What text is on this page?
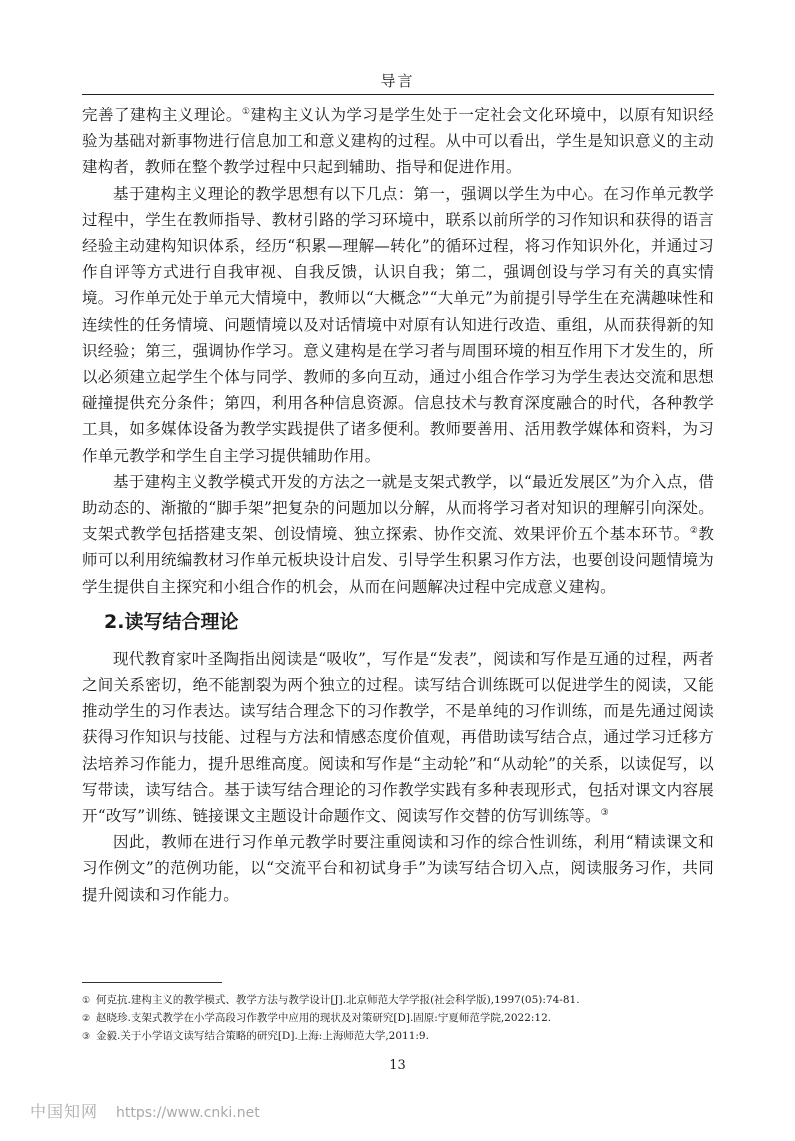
导言

完善了建构主义理论。①建构主义认为学习是学生处于一定社会文化环境中，以原有知识经验为基础对新事物进行信息加工和意义建构的过程。从中可以看出，学生是知识意义的主动建构者，教师在整个教学过程中只起到辅助、指导和促进作用。

基于建构主义理论的教学思想有以下几点：第一，强调以学生为中心。在习作单元教学过程中，学生在教师指导、教材引路的学习环境中，联系以前所学的习作知识和获得的语言经验主动建构知识体系，经历“积累—理解—转化”的循环过程，将习作知识外化，并通过习作自评等方式进行自我审视、自我反馈，认识自我；第二，强调创设与学习有关的真实情境。习作单元处于单元大情境中，教师以“大概念”“大单元”为前提引导学生在充满趣味性和连续性的任务情境、问题情境以及对话情境中对原有认知进行改造、重组，从而获得新的知识经验；第三，强调协作学习。意义建构是在学习者与周围环境的相互作用下才发生的，所以必须建立起学生个体与同学、教师的多向互动，通过小组合作学习为学生表达交流和思想碰撞提供充分条件；第四，利用各种信息资源。信息技术与教育深度融合的时代，各种教学工具，如多媒体设备为教学实践提供了诸多便利。教师要善用、活用教学媒体和资料，为习作单元教学和学生自主学习提供辅助作用。

基于建构主义教学模式开发的方法之一就是支架式教学，以“最近发展区”为介入点，借助动态的、渐撤的“脚手架”把复杂的问题加以分解，从而将学习者对知识的理解引向深处。支架式教学包括搭建支架、创设情境、独立探索、协作交流、效果评价五个基本环节。②教师可以利用统编教材习作单元板块设计启发、引导学生积累习作方法，也要创设问题情境为学生提供自主探究和小组合作的机会，从而在问题解决过程中完成意义建构。

2.读写结合理论

现代教育家叶圣陶指出阅读是“吸收”，写作是“发表”，阅读和写作是互通的过程，两者之间关系密切，绝不能割裂为两个独立的过程。读写结合训练既可以促进学生的阅读，又能推动学生的习作表达。读写结合理念下的习作教学，不是单纯的习作训练，而是先通过阅读获得习作知识与技能、过程与方法和情感态度价值观，再借助读写结合点，通过学习迁移方法培养习作能力，提升思维高度。阅读和写作是“主动轮”和“从动轮”的关系，以读促写，以写带读，读写结合。基于读写结合理论的习作教学实践有多种表现形式，包括对课文内容展开“改写”训练、链接课文主题设计命题作文、阅读写作交替的仿写训练等。③

因此，教师在进行习作单元教学时要注重阅读和习作的综合性训练，利用“精读课文和习作例文”的范例功能，以“交流平台和初试身手”为读写结合切入点，阅读服务习作，共同提升阅读和习作能力。

① 何克抗.建构主义的教学模式、教学方法与教学设计[J].北京师范大学学报(社会科学版),1997(05):74-81.

② 赵晓珍.支架式教学在小学高段习作教学中应用的现状及对策研究[D].固原:宁夏师范学院,2022:12.

③ 金毅.关于小学语文读写结合策略的研究[D].上海:上海师范大学,2011:9.

13
中国知网 https://www.cnki.net
